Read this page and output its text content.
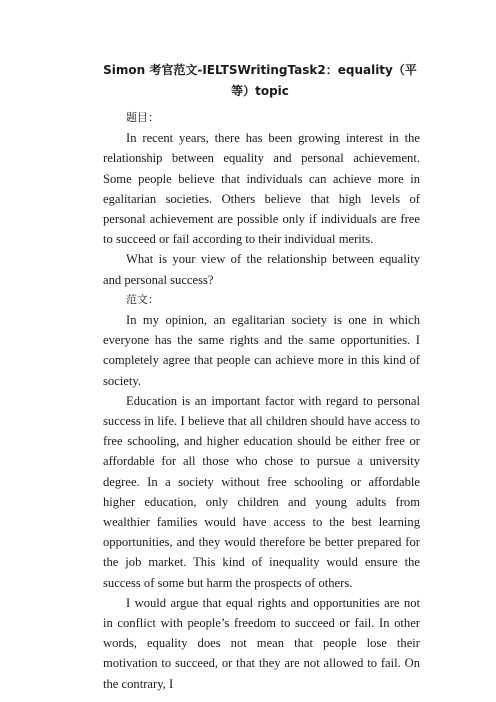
Simon 考官范文-IELTSWritingTask2：equality（平等）topic

题目：

In recent years, there has been growing interest in the relationship between equality and personal achievement. Some people believe that individuals can achieve more in egalitarian societies. Others believe that high levels of personal achievement are possible only if individuals are free to succeed or fail according to their individual merits.

What is your view of the relationship between equality and personal success?

范文：

In my opinion, an egalitarian society is one in which everyone has the same rights and the same opportunities. I completely agree that people can achieve more in this kind of society.

Education is an important factor with regard to personal success in life. I believe that all children should have access to free schooling, and higher education should be either free or affordable for all those who chose to pursue a university degree. In a society without free schooling or affordable higher education, only children and young adults from wealthier families would have access to the best learning opportunities, and they would therefore be better prepared for the job market. This kind of inequality would ensure the success of some but harm the prospects of others.

I would argue that equal rights and opportunities are not in conflict with people’s freedom to succeed or fail. In other words, equality does not mean that people lose their motivation to succeed, or that they are not allowed to fail. On the contrary, I
